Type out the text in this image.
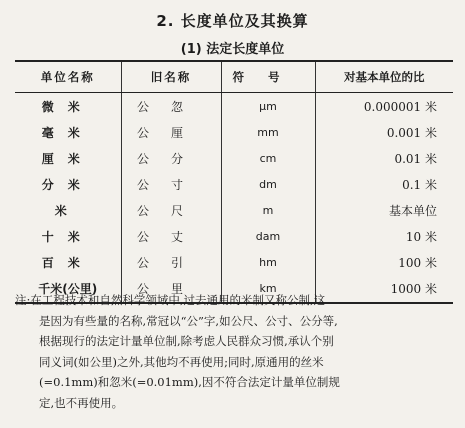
2. 长度单位及其换算
(1) 法定长度单位
单位名称	旧名称	符号	对基本单位的比
微米	公忽	μm	0.000001 米
毫米	公厘	mm	0.001 米
厘米	公分	cm	0.01 米
分米	公寸	dm	0.1 米
米	公尺	m	基本单位
十米	公丈	dam	10 米
百米	公引	hm	100 米
千米(公里)	公里	km	1000 米
注:在工程技术和自然科学领域中,过去通用的米制又称公制,这
是因为有些量的名称,常冠以“公”字,如公尺、公寸、公分等,
根据现行的法定计量单位制,除考虑人民群众习惯,承认个别
同义词(如公里)之外,其他均不再使用;同时,原通用的丝米
(=0.1mm)和忽米(=0.01mm),因不符合法定计量单位制规
定,也不再使用。
